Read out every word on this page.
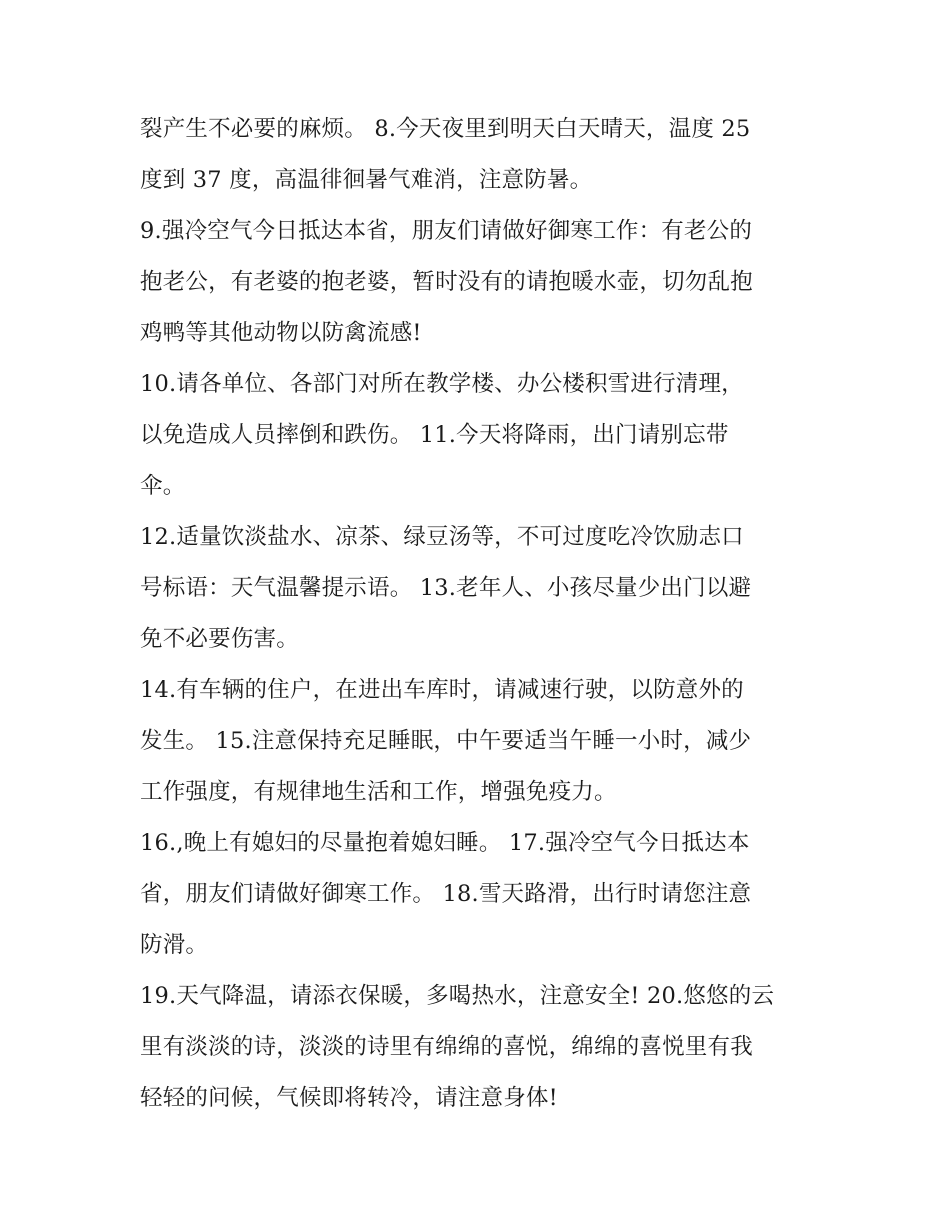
裂产生不必要的麻烦。 8.今天夜里到明天白天晴天，温度 25
度到 37 度，高温徘徊暑气难消，注意防暑。
9.强冷空气今日抵达本省，朋友们请做好御寒工作：有老公的
抱老公，有老婆的抱老婆，暂时没有的请抱暖水壶，切勿乱抱
鸡鸭等其他动物以防禽流感!
10.请各单位、各部门对所在教学楼、办公楼积雪进行清理，
以免造成人员摔倒和跌伤。 11.今天将降雨，出门请别忘带
伞。
12.适量饮淡盐水、凉茶、绿豆汤等，不可过度吃冷饮励志口
号标语：天气温馨提示语。 13.老年人、小孩尽量少出门以避
免不必要伤害。
14.有车辆的住户，在进出车库时，请减速行驶，以防意外的
发生。 15.注意保持充足睡眠，中午要适当午睡一小时，减少
工作强度，有规律地生活和工作，增强免疫力。
16.,晚上有媳妇的尽量抱着媳妇睡。 17.强冷空气今日抵达本
省，朋友们请做好御寒工作。 18.雪天路滑，出行时请您注意
防滑。
19.天气降温，请添衣保暖，多喝热水，注意安全! 20.悠悠的云
里有淡淡的诗，淡淡的诗里有绵绵的喜悦，绵绵的喜悦里有我
轻轻的问候，气候即将转冷，请注意身体!
